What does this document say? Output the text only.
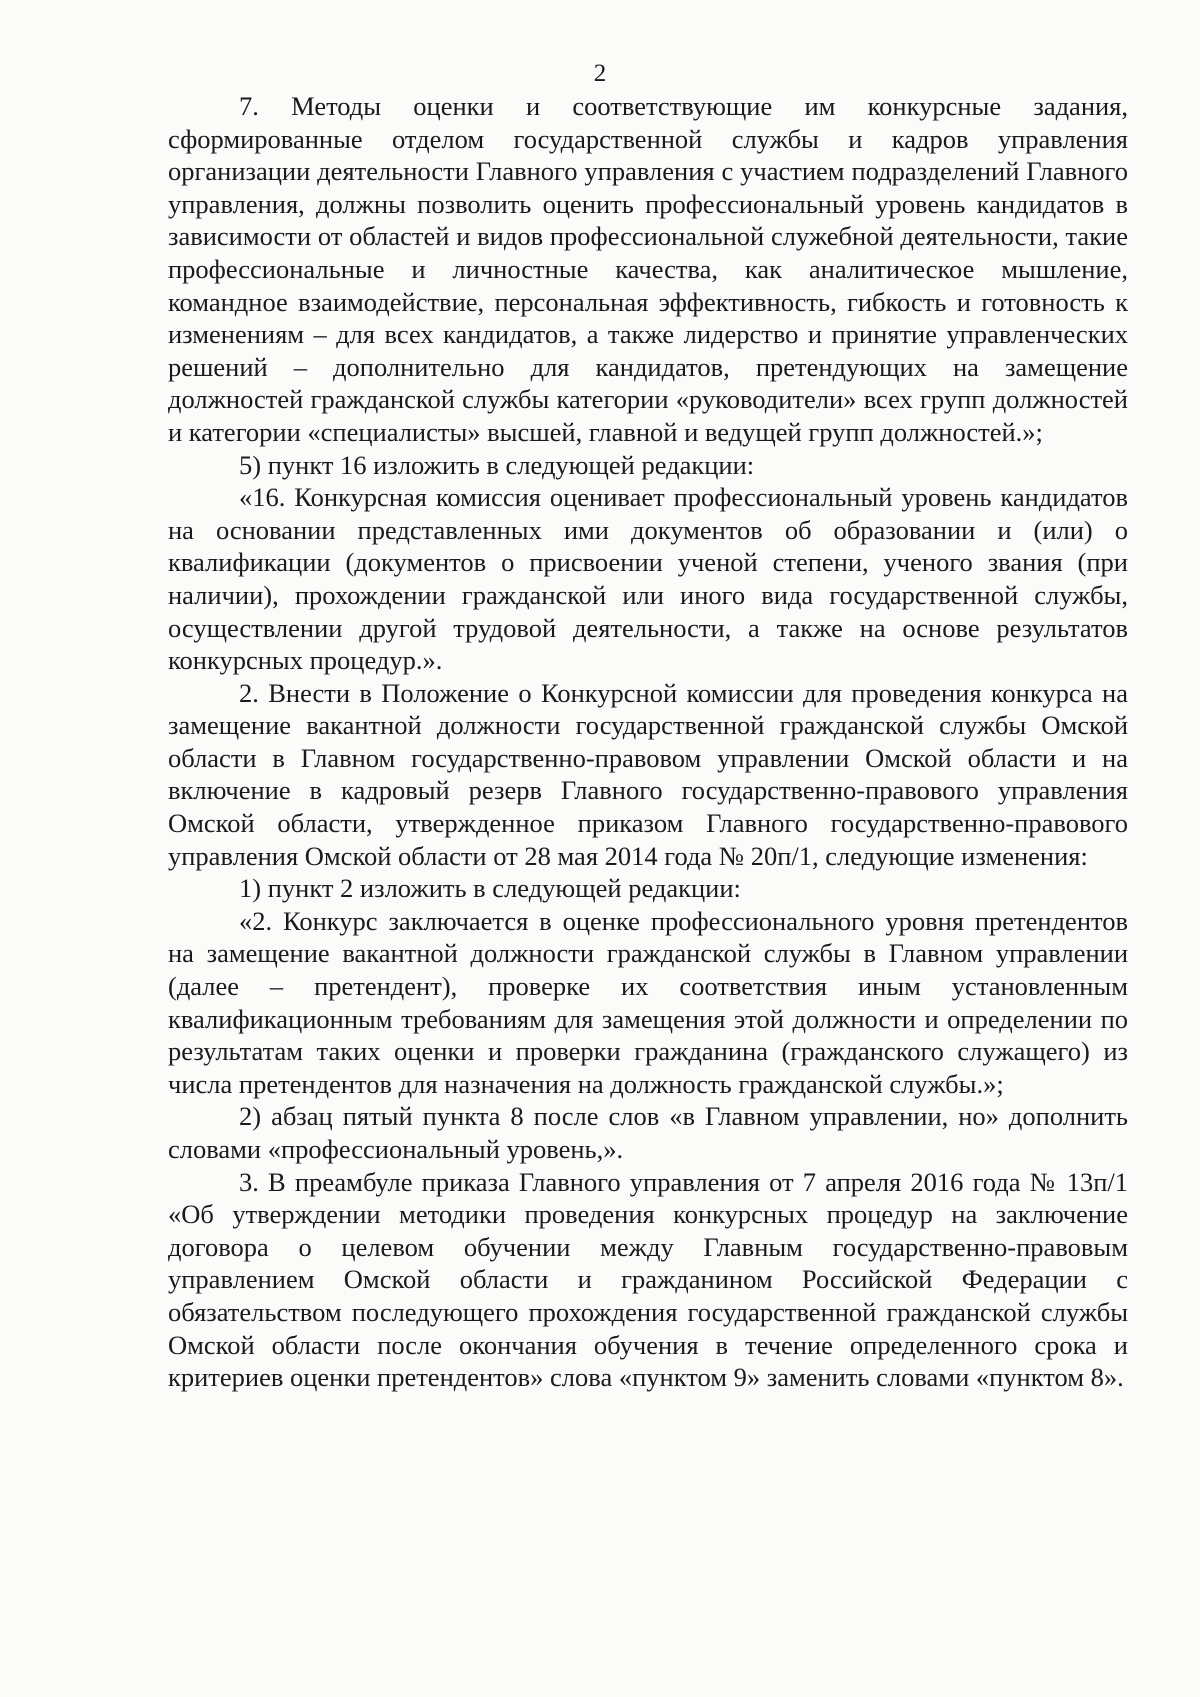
2

7. Методы оценки и соответствующие им конкурсные задания, сформированные отделом государственной службы и кадров управления организации деятельности Главного управления с участием подразделений Главного управления, должны позволить оценить профессиональный уровень кандидатов в зависимости от областей и видов профессиональной служебной деятельности, такие профессиональные и личностные качества, как аналитическое мышление, командное взаимодействие, персональная эффективность, гибкость и готовность к изменениям – для всех кандидатов, а также лидерство и принятие управленческих решений – дополнительно для кандидатов, претендующих на замещение должностей гражданской службы категории «руководители» всех групп должностей и категории «специалисты» высшей, главной и ведущей групп должностей.»;

5) пункт 16 изложить в следующей редакции:

«16. Конкурсная комиссия оценивает профессиональный уровень кандидатов на основании представленных ими документов об образовании и (или) о квалификации (документов о присвоении ученой степени, ученого звания (при наличии), прохождении гражданской или иного вида государственной службы, осуществлении другой трудовой деятельности, а также на основе результатов конкурсных процедур.».

2. Внести в Положение о Конкурсной комиссии для проведения конкурса на замещение вакантной должности государственной гражданской службы Омской области в Главном государственно-правовом управлении Омской области и на включение в кадровый резерв Главного государственно-правового управления Омской области, утвержденное приказом Главного государственно-правового управления Омской области от 28 мая 2014 года № 20п/1, следующие изменения:

1) пункт 2 изложить в следующей редакции:

«2. Конкурс заключается в оценке профессионального уровня претендентов на замещение вакантной должности гражданской службы в Главном управлении (далее – претендент), проверке их соответствия иным установленным квалификационным требованиям для замещения этой должности и определении по результатам таких оценки и проверки гражданина (гражданского служащего) из числа претендентов для назначения на должность гражданской службы.»;

2) абзац пятый пункта 8 после слов «в Главном управлении, но» дополнить словами «профессиональный уровень,».

3. В преамбуле приказа Главного управления от 7 апреля 2016 года № 13п/1 «Об утверждении методики проведения конкурсных процедур на заключение договора о целевом обучении между Главным государственно-правовым управлением Омской области и гражданином Российской Федерации с обязательством последующего прохождения государственной гражданской службы Омской области после окончания обучения в течение определенного срока и критериев оценки претендентов» слова «пунктом 9» заменить словами «пунктом 8».
